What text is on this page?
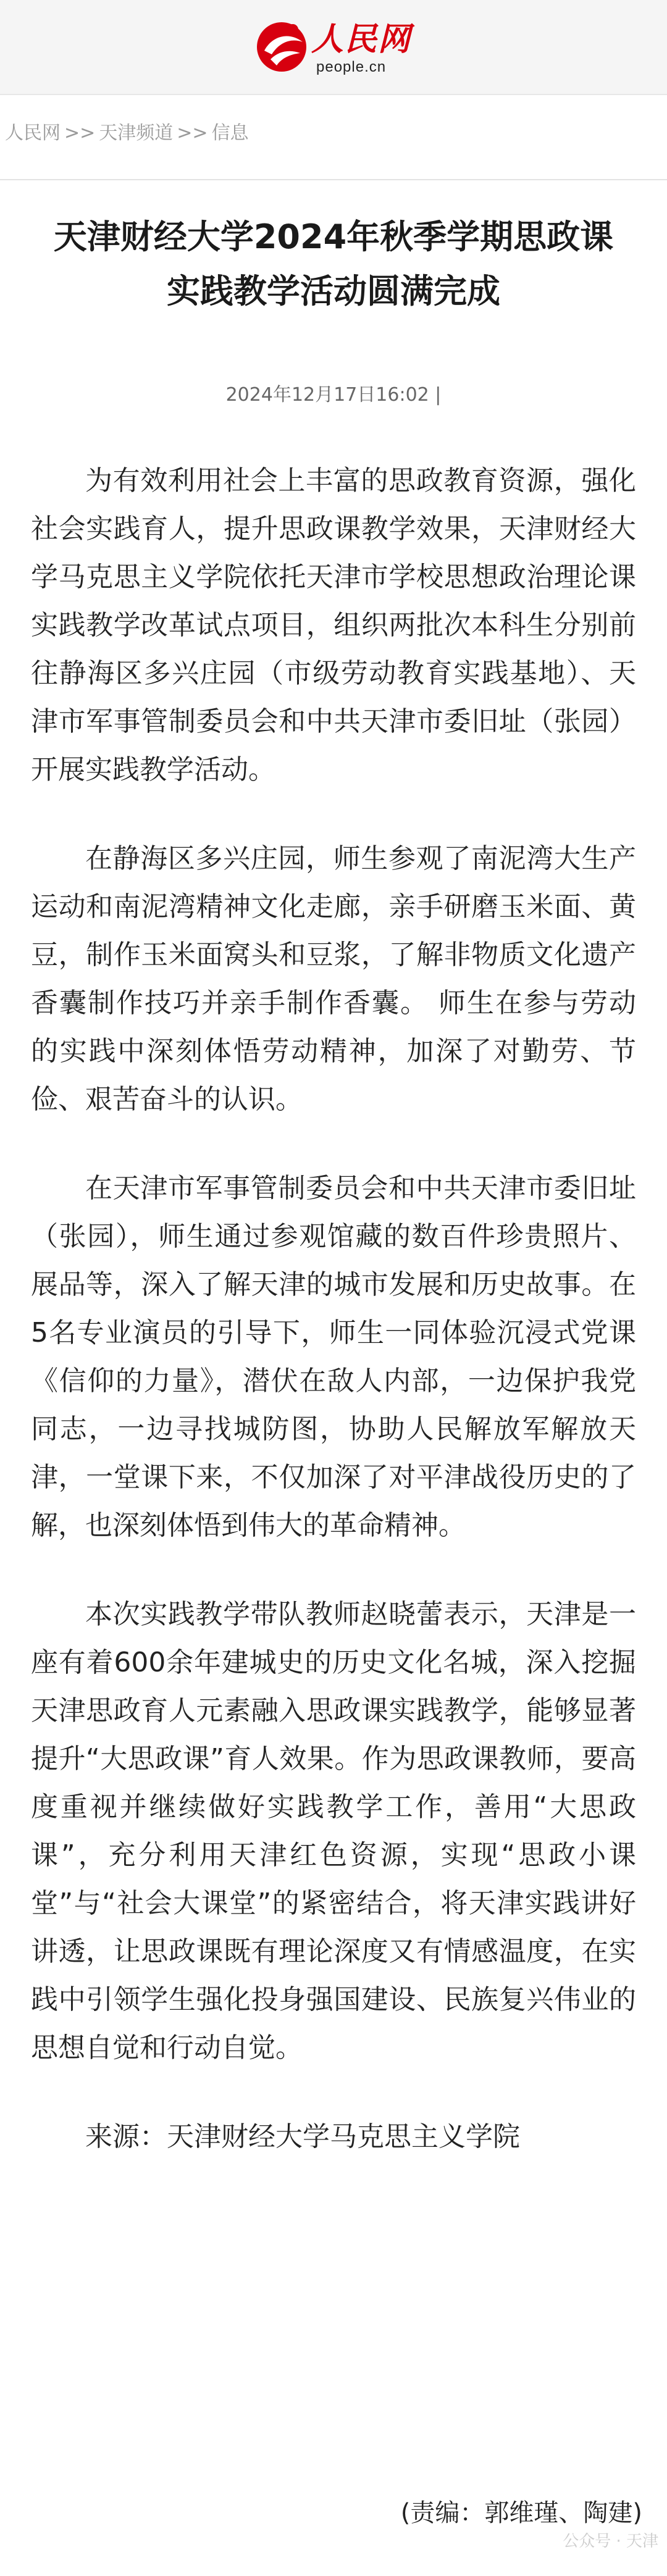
人民网
people.cn
人民网 >> 天津频道 >> 信息
天津财经大学2024年秋季学期思政课
实践教学活动圆满完成
2024年12月17日16:02 |

为有效利用社会上丰富的思政教育资源，强化社会实践育人，提升思政课教学效果，天津财经大学马克思主义学院依托天津市学校思想政治理论课实践教学改革试点项目，组织两批次本科生分别前往静海区多兴庄园（市级劳动教育实践基地）、天津市军事管制委员会和中共天津市委旧址（张园）开展实践教学活动。

在静海区多兴庄园，师生参观了南泥湾大生产运动和南泥湾精神文化走廊，亲手研磨玉米面、黄豆，制作玉米面窝头和豆浆，了解非物质文化遗产香囊制作技巧并亲手制作香囊。 师生在参与劳动的实践中深刻体悟劳动精神，加深了对勤劳、节俭、艰苦奋斗的认识。

在天津市军事管制委员会和中共天津市委旧址（张园），师生通过参观馆藏的数百件珍贵照片、展品等，深入了解天津的城市发展和历史故事。在5名专业演员的引导下，师生一同体验沉浸式党课《信仰的力量》，潜伏在敌人内部，一边保护我党同志，一边寻找城防图，协助人民解放军解放天津，一堂课下来，不仅加深了对平津战役历史的了解，也深刻体悟到伟大的革命精神。

本次实践教学带队教师赵晓蕾表示，天津是一座有着600余年建城史的历史文化名城，深入挖掘天津思政育人元素融入思政课实践教学，能够显著提升“大思政课”育人效果。作为思政课教师，要高度重视并继续做好实践教学工作，善用“大思政课”，充分利用天津红色资源，实现“思政小课堂”与“社会大课堂”的紧密结合，将天津实践讲好讲透，让思政课既有理论深度又有情感温度，在实践中引领学生强化投身强国建设、民族复兴伟业的思想自觉和行动自觉。

来源：天津财经大学马克思主义学院

(责编：郭维瑾、陶建)
公众号 · 天津
